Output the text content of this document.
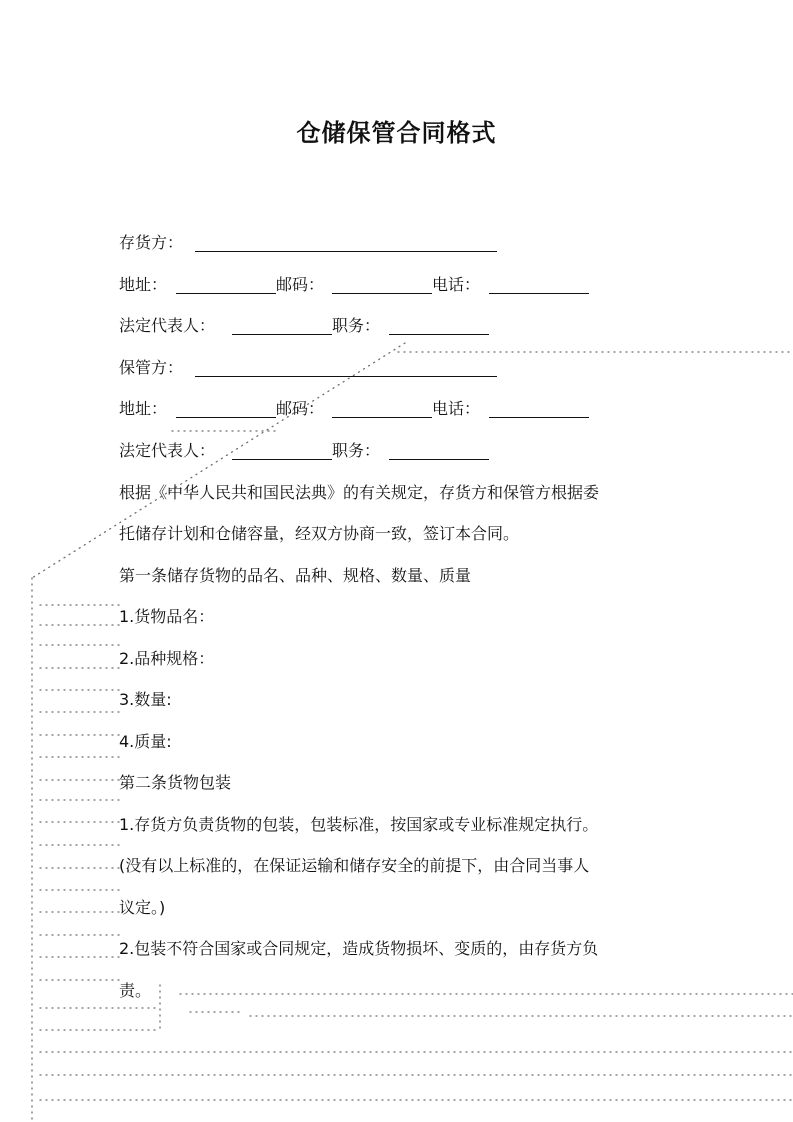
仓储保管合同格式
存货方：
地址：	邮码：	电话：
法定代表人：	职务：
保管方：
地址：	邮码：	电话：
法定代表人：	职务：
根据《中华人民共和国民法典》的有关规定，存货方和保管方根据委
托储存计划和仓储容量，经双方协商一致，签订本合同。
第一条储存货物的品名、品种、规格、数量、质量
1.货物品名：
2.品种规格：
3.数量:
4.质量:
第二条货物包装
1.存货方负责货物的包装，包装标准，按国家或专业标准规定执行。
(没有以上标准的，在保证运输和储存安全的前提下，由合同当事人
议定。)
2.包装不符合国家或合同规定，造成货物损坏、变质的，由存货方负
责。
